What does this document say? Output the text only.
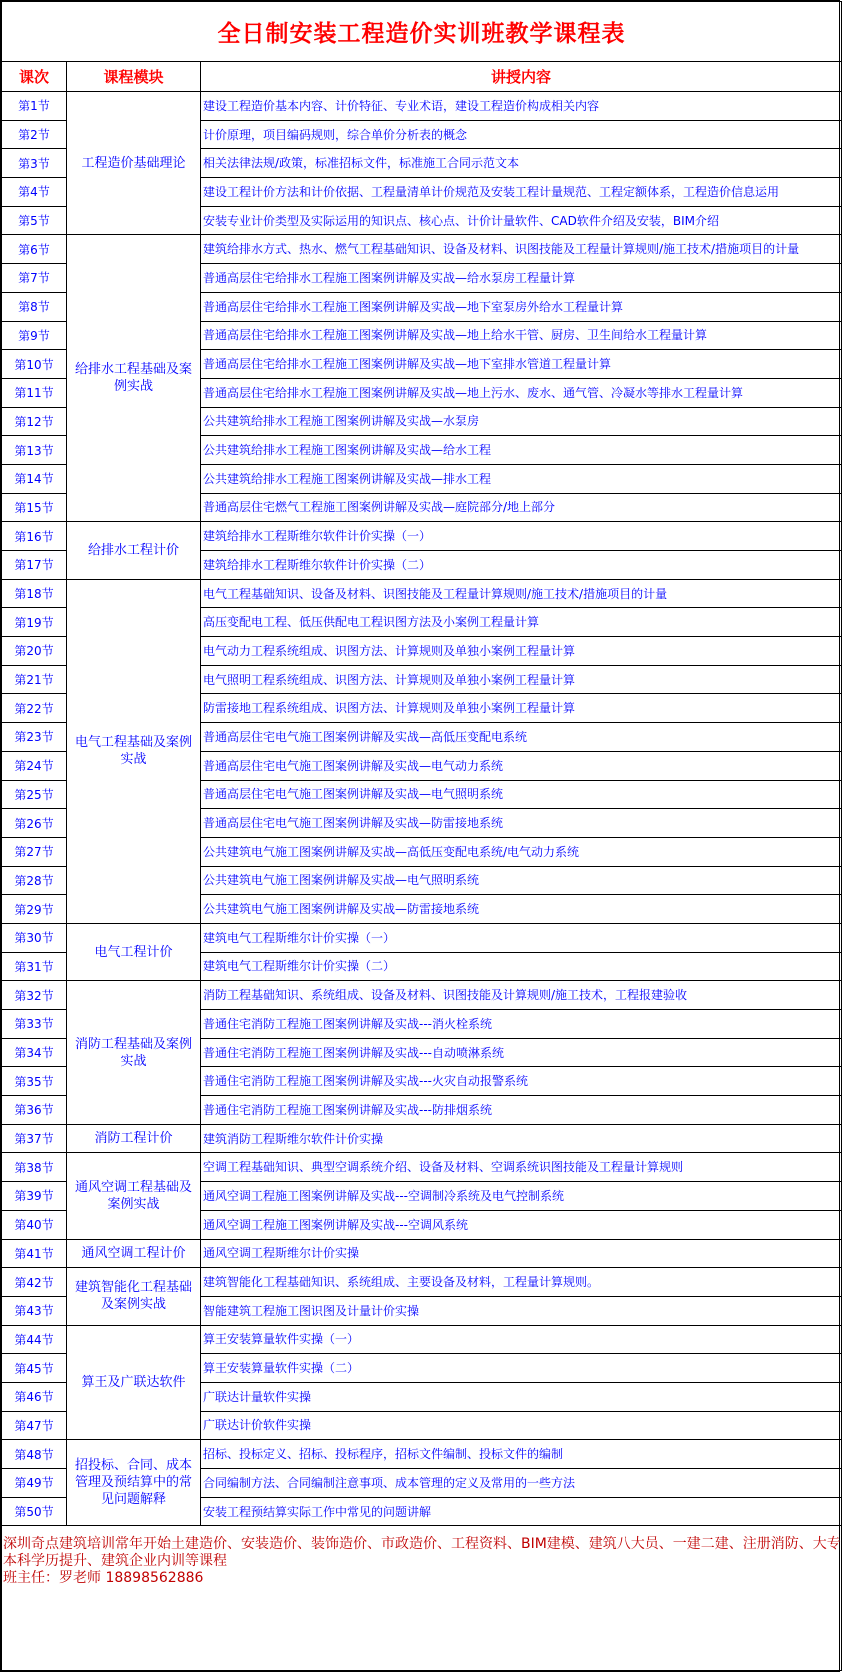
全日制安装工程造价实训班教学课程表		
课次	课程模块	讲授内容
第1节	工程造价基础理论	建设工程造价基本内容、计价特征、专业术语，建设工程造价构成相关内容
第2节		计价原理，项目编码规则，综合单价分析表的概念
第3节		相关法律法规/政策，标准招标文件，标准施工合同示范文本
第4节		建设工程计价方法和计价依据、工程量清单计价规范及安装工程计量规范、工程定额体系，工程造价信息运用
第5节		安装专业计价类型及实际运用的知识点、核心点、计价计量软件、CAD软件介绍及安装，BIM介绍
第6节	给排水工程基础及案例实战	建筑给排水方式、热水、燃气工程基础知识、设备及材料、识图技能及工程量计算规则/施工技术/措施项目的计量
第7节		普通高层住宅给排水工程施工图案例讲解及实战—给水泵房工程量计算
第8节		普通高层住宅给排水工程施工图案例讲解及实战—地下室泵房外给水工程量计算
第9节		普通高层住宅给排水工程施工图案例讲解及实战—地上给水干管、厨房、卫生间给水工程量计算
第10节		普通高层住宅给排水工程施工图案例讲解及实战—地下室排水管道工程量计算
第11节		普通高层住宅给排水工程施工图案例讲解及实战—地上污水、废水、通气管、冷凝水等排水工程量计算
第12节		公共建筑给排水工程施工图案例讲解及实战—水泵房
第13节		公共建筑给排水工程施工图案例讲解及实战—给水工程
第14节		公共建筑给排水工程施工图案例讲解及实战—排水工程
第15节		普通高层住宅燃气工程施工图案例讲解及实战—庭院部分/地上部分
第16节	给排水工程计价	建筑给排水工程斯维尔软件计价实操（一）
第17节		建筑给排水工程斯维尔软件计价实操（二）
第18节	电气工程基础及案例实战	电气工程基础知识、设备及材料、识图技能及工程量计算规则/施工技术/措施项目的计量
第19节		高压变配电工程、低压供配电工程识图方法及小案例工程量计算
第20节		电气动力工程系统组成、识图方法、计算规则及单独小案例工程量计算
第21节		电气照明工程系统组成、识图方法、计算规则及单独小案例工程量计算
第22节		防雷接地工程系统组成、识图方法、计算规则及单独小案例工程量计算
第23节		普通高层住宅电气施工图案例讲解及实战—高低压变配电系统
第24节		普通高层住宅电气施工图案例讲解及实战—电气动力系统
第25节		普通高层住宅电气施工图案例讲解及实战—电气照明系统
第26节		普通高层住宅电气施工图案例讲解及实战—防雷接地系统
第27节		公共建筑电气施工图案例讲解及实战—高低压变配电系统/电气动力系统
第28节		公共建筑电气施工图案例讲解及实战—电气照明系统
第29节		公共建筑电气施工图案例讲解及实战—防雷接地系统
第30节	电气工程计价	建筑电气工程斯维尔计价实操（一）
第31节		建筑电气工程斯维尔计价实操（二）
第32节	消防工程基础及案例实战	消防工程基础知识、系统组成、设备及材料、识图技能及计算规则/施工技术，工程报建验收
第33节		普通住宅消防工程施工图案例讲解及实战---消火栓系统
第34节		普通住宅消防工程施工图案例讲解及实战---自动喷淋系统
第35节		普通住宅消防工程施工图案例讲解及实战---火灾自动报警系统
第36节		普通住宅消防工程施工图案例讲解及实战---防排烟系统
第37节	消防工程计价	建筑消防工程斯维尔软件计价实操
第38节	通风空调工程基础及案例实战	空调工程基础知识、典型空调系统介绍、设备及材料、空调系统识图技能及工程量计算规则
第39节		通风空调工程施工图案例讲解及实战---空调制冷系统及电气控制系统
第40节		通风空调工程施工图案例讲解及实战---空调风系统
第41节	通风空调工程计价	通风空调工程斯维尔计价实操
第42节	建筑智能化工程基础及案例实战	建筑智能化工程基础知识、系统组成、主要设备及材料，工程量计算规则。
第43节		智能建筑工程施工图识图及计量计价实操
第44节	算王及广联达软件	算王安装算量软件实操（一）
第45节		算王安装算量软件实操（二）
第46节		广联达计量软件实操
第47节		广联达计价软件实操
第48节	招投标、合同、成本管理及预结算中的常见问题解释	招标、投标定义、招标、投标程序，招标文件编制、投标文件的编制
第49节		合同编制方法、合同编制注意事项、成本管理的定义及常用的一些方法
第50节		安装工程预结算实际工作中常见的问题讲解

深圳奇点建筑培训常年开始土建造价、安装造价、装饰造价、市政造价、工程资料、BIM建模、建筑八大员、一建二建、注册消防、大专本科学历提升、建筑企业内训等课程
班主任：罗老师 18898562886		
